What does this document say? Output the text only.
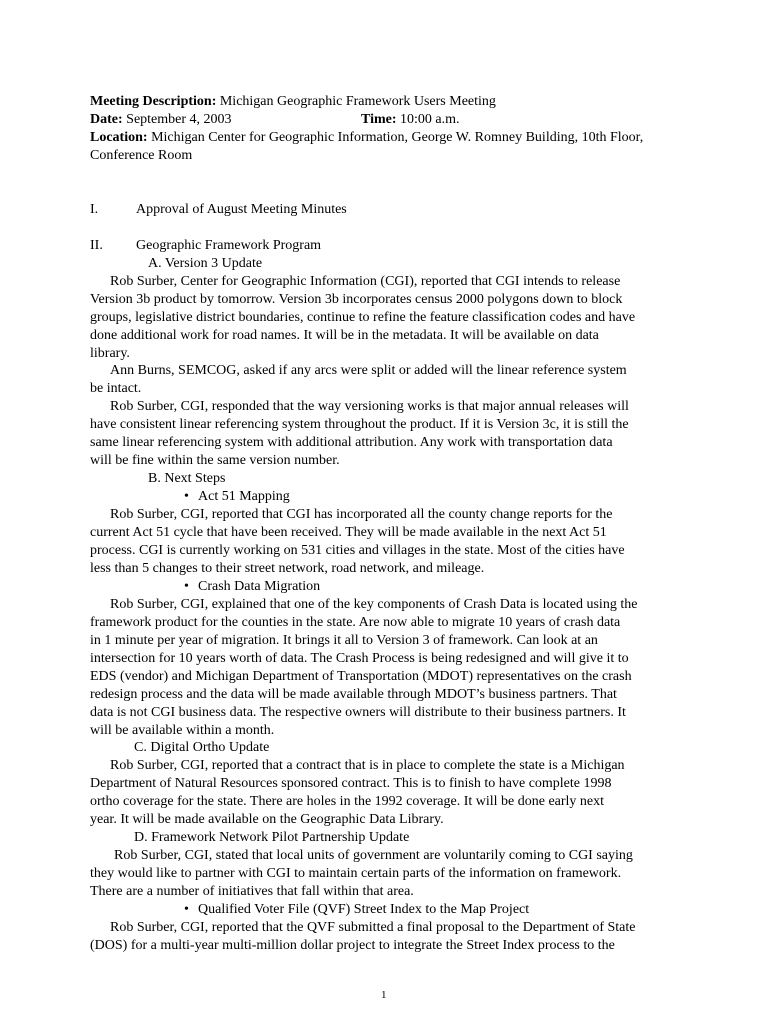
Meeting Description: Michigan Geographic Framework Users Meeting
Date: September 4, 2003	Time: 10:00 a.m.
Location: Michigan Center for Geographic Information, George W. Romney Building, 10th Floor,
Conference Room
I.	Approval of August Meeting Minutes
II. Geographic Framework Program
A. Version 3 Update
Rob Surber, Center for Geographic Information (CGI), reported that CGI intends to release
Version 3b product by tomorrow. Version 3b incorporates census 2000 polygons down to block
groups, legislative district boundaries, continue to refine the feature classification codes and have
done additional work for road names. It will be in the metadata. It will be available on data
library.
Ann Burns, SEMCOG, asked if any arcs were split or added will the linear reference system
be intact.
Rob Surber, CGI, responded that the way versioning works is that major annual releases will
have consistent linear referencing system throughout the product. If it is Version 3c, it is still the
same linear referencing system with additional attribution. Any work with transportation data
will be fine within the same version number.
B. Next Steps
• Act 51 Mapping
Rob Surber, CGI, reported that CGI has incorporated all the county change reports for the
current Act 51 cycle that have been received. They will be made available in the next Act 51
process. CGI is currently working on 531 cities and villages in the state. Most of the cities have
less than 5 changes to their street network, road network, and mileage.
• Crash Data Migration
Rob Surber, CGI, explained that one of the key components of Crash Data is located using the
framework product for the counties in the state. Are now able to migrate 10 years of crash data
in 1 minute per year of migration. It brings it all to Version 3 of framework. Can look at an
intersection for 10 years worth of data. The Crash Process is being redesigned and will give it to
EDS (vendor) and Michigan Department of Transportation (MDOT) representatives on the crash
redesign process and the data will be made available through MDOT’s business partners. That
data is not CGI business data. The respective owners will distribute to their business partners. It
will be available within a month.
C. Digital Ortho Update
Rob Surber, CGI, reported that a contract that is in place to complete the state is a Michigan
Department of Natural Resources sponsored contract. This is to finish to have complete 1998
ortho coverage for the state. There are holes in the 1992 coverage. It will be done early next
year. It will be made available on the Geographic Data Library.
D. Framework Network Pilot Partnership Update
Rob Surber, CGI, stated that local units of government are voluntarily coming to CGI saying
they would like to partner with CGI to maintain certain parts of the information on framework.
There are a number of initiatives that fall within that area.
• Qualified Voter File (QVF) Street Index to the Map Project
Rob Surber, CGI, reported that the QVF submitted a final proposal to the Department of State
(DOS) for a multi-year multi-million dollar project to integrate the Street Index process to the
1
